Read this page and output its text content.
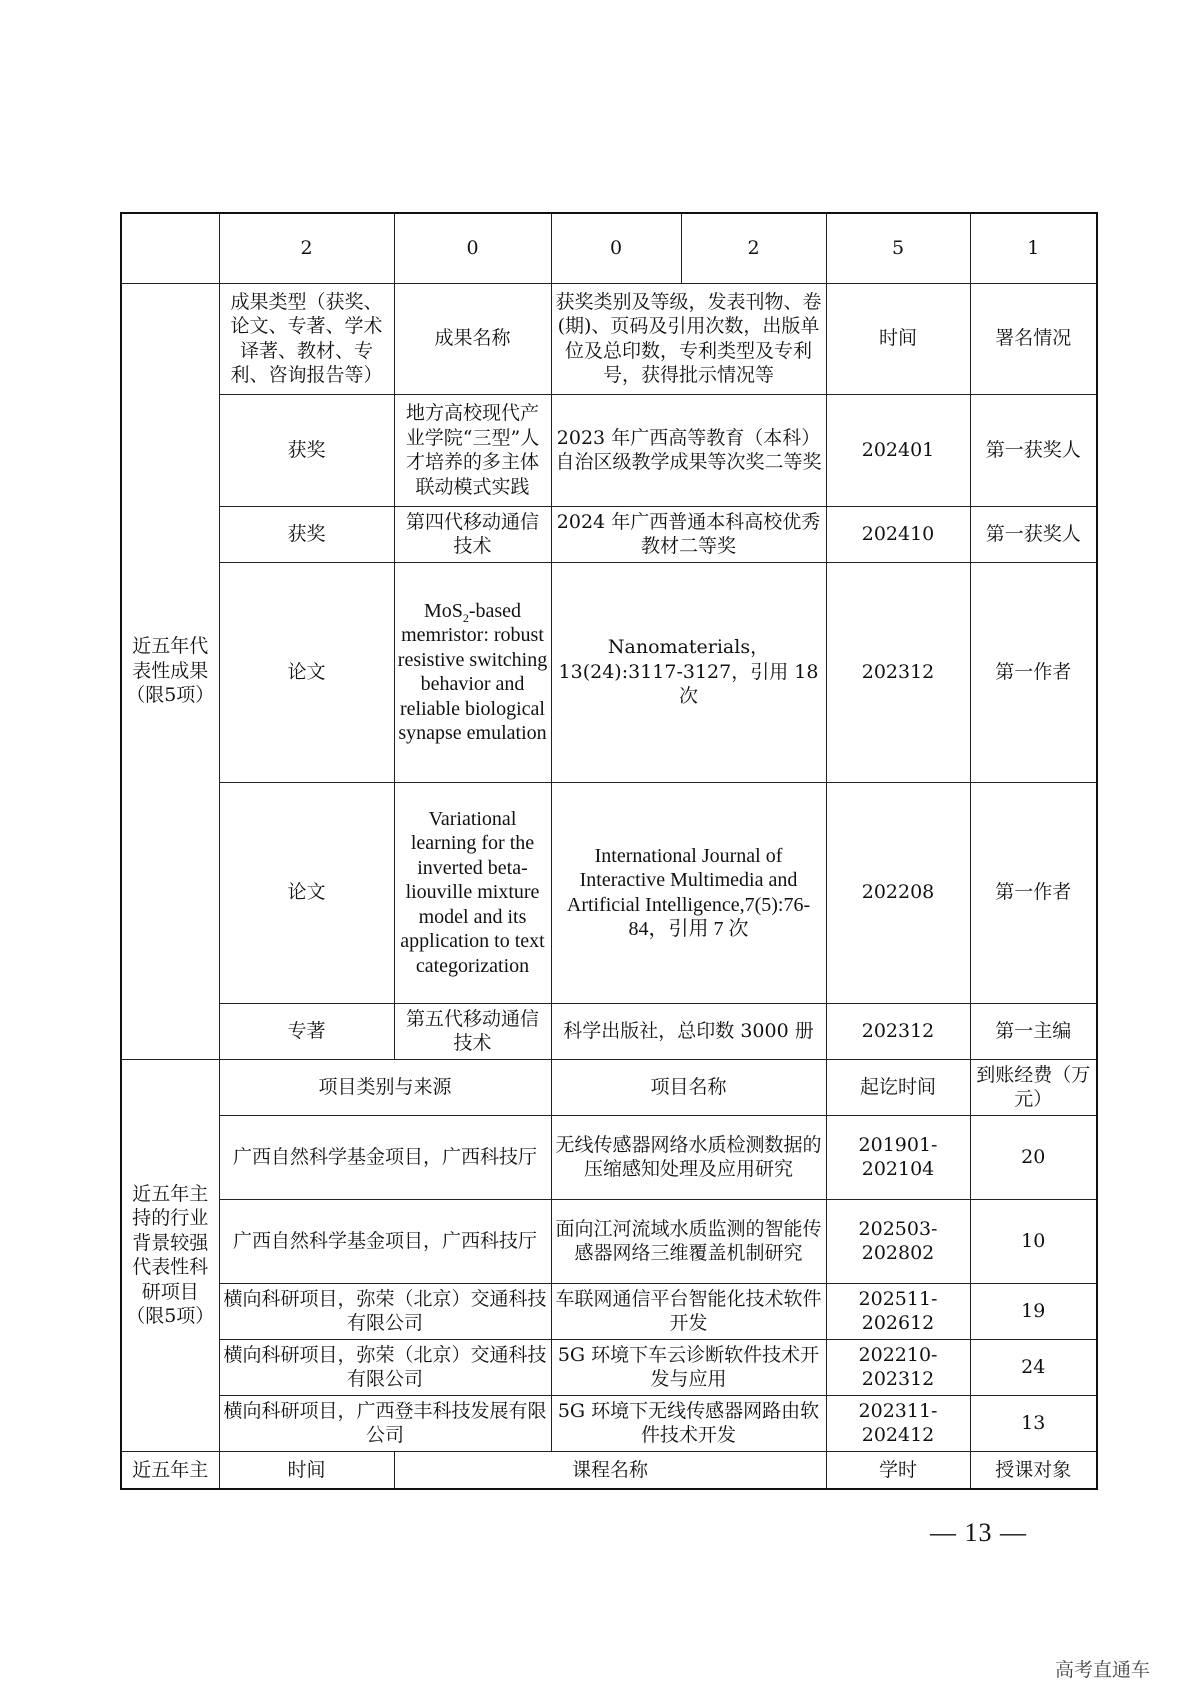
	2	0	0	2	5	1
近五年代表性成果（限5项）	成果类型（获奖、论文、专著、学术译著、教材、专利、咨询报告等）	成果名称	获奖类别及等级，发表刊物、卷(期)、页码及引用次数，出版单位及总印数，专利类型及专利号，获得批示情况等		时间	署名情况
	获奖	地方高校现代产业学院“三型”人才培养的多主体联动模式实践	2023 年广西高等教育（本科）自治区级教学成果等次奖二等奖		202401	第一获奖人
	获奖	第四代移动通信技术	2024 年广西普通本科高校优秀教材二等奖		202410	第一获奖人
	论文	MoS$_2$-based memristor: robust resistive switching behavior and reliable biological synapse emulation	Nanomaterials，13(24):3117-3127，引用 18 次		202312	第一作者
	论文	Variational learning for the inverted beta-liouville mixture model and its application to text categorization	International Journal of Interactive Multimedia and Artificial Intelligence,7(5):76-84，引用 7 次		202208	第一作者
	专著	第五代移动通信技术	科学出版社，总印数 3000 册		202312	第一主编
近五年主持的行业背景较强代表性科研项目（限5项）	项目类别与来源		项目名称		起讫时间	到账经费（万元）
	广西自然科学基金项目，广西科技厅		无线传感器网络水质检测数据的压缩感知处理及应用研究		201901-202104	20
	广西自然科学基金项目，广西科技厅		面向江河流域水质监测的智能传感器网络三维覆盖机制研究		202503-202802	10
	横向科研项目，弥荣（北京）交通科技有限公司		车联网通信平台智能化技术软件开发		202511-202612	19
	横向科研项目，弥荣（北京）交通科技有限公司		5G 环境下车云诊断软件技术开发与应用		202210-202312	24
	横向科研项目，广西登丰科技发展有限公司		5G 环境下无线传感器网路由软件技术开发		202311-202412	13
近五年主	时间	课程名称			学时	授课对象
— 13 —
高考直通车
